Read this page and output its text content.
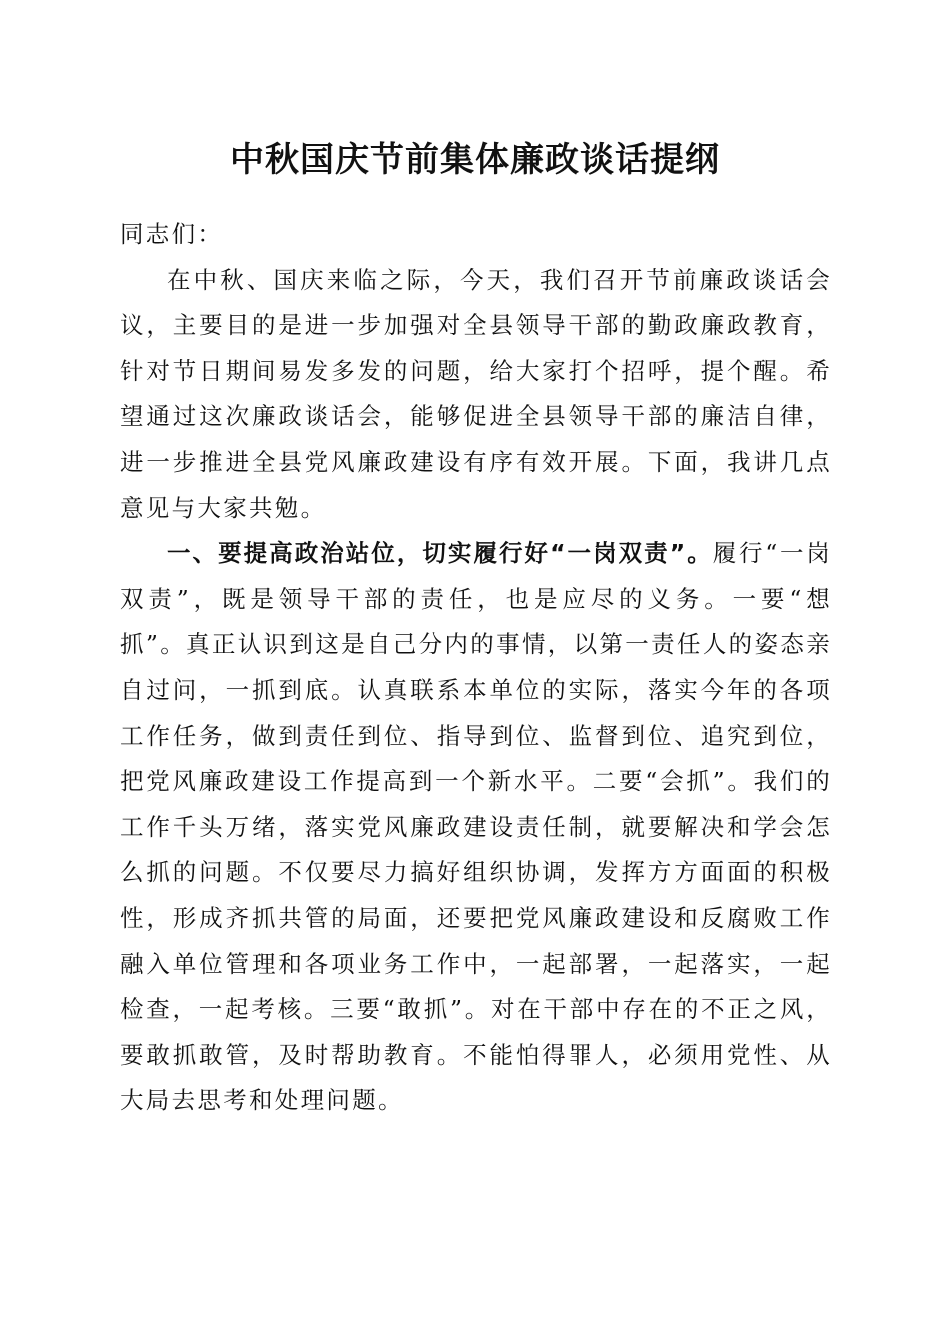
中秋国庆节前集体廉政谈话提纲

同志们：

在中秋、国庆来临之际，今天，我们召开节前廉政谈话会议，主要目的是进一步加强对全县领导干部的勤政廉政教育，针对节日期间易发多发的问题，给大家打个招呼，提个醒。希望通过这次廉政谈话会，能够促进全县领导干部的廉洁自律，进一步推进全县党风廉政建设有序有效开展。下面，我讲几点意见与大家共勉。

一、要提高政治站位，切实履行好“一岗双责”。履行“一岗双责”，既是领导干部的责任，也是应尽的义务。一要“想抓”。真正认识到这是自己分内的事情，以第一责任人的姿态亲自过问，一抓到底。认真联系本单位的实际，落实今年的各项工作任务，做到责任到位、指导到位、监督到位、追究到位，把党风廉政建设工作提高到一个新水平。二要“会抓”。我们的工作千头万绪，落实党风廉政建设责任制，就要解决和学会怎么抓的问题。不仅要尽力搞好组织协调，发挥方方面面的积极性，形成齐抓共管的局面，还要把党风廉政建设和反腐败工作融入单位管理和各项业务工作中，一起部署，一起落实，一起检查，一起考核。三要“敢抓”。对在干部中存在的不正之风，要敢抓敢管，及时帮助教育。不能怕得罪人，必须用党性、从大局去思考和处理问题。
